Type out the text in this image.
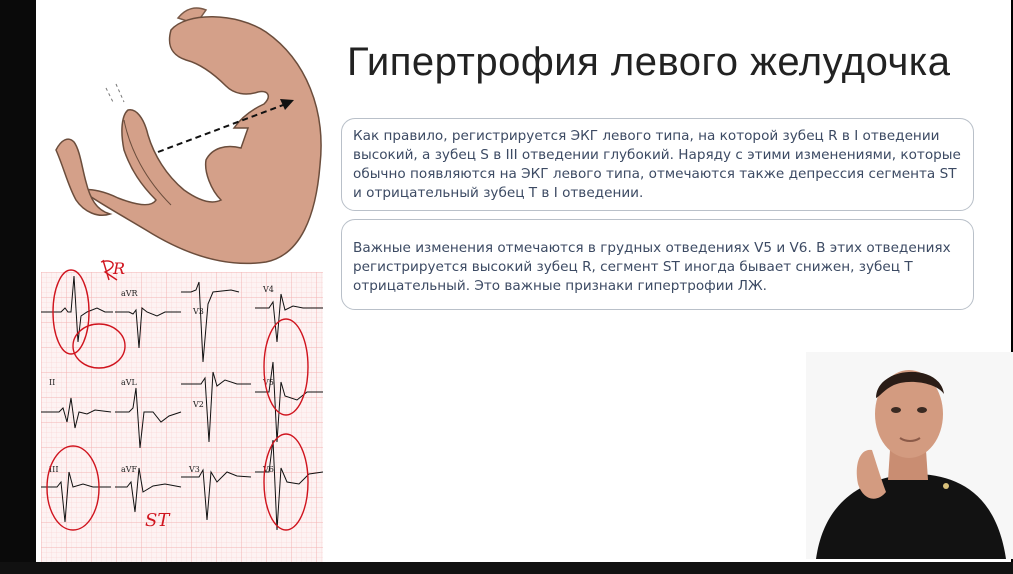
aVR	V4
V3
II	aVL	V5
V2
III	aVF	V3	V6
R
ST
Гипертрофия левого желудочка

Как правило, регистрируется ЭКГ левого типа, на которой зубец R в I отведении высокий, а зубец S в III отведении глубокий. Наряду с этими изменениями, которые обычно появляются на ЭКГ левого типа, отмечаются также депрессия сегмента ST и отрицательный зубец T в I отведении.

Важные изменения отмечаются в грудных отведениях V5 и V6. В этих отведениях регистрируется высокий зубец R, сегмент ST иногда бывает снижен, зубец T отрицательный. Это важные признаки гипертрофии ЛЖ.
